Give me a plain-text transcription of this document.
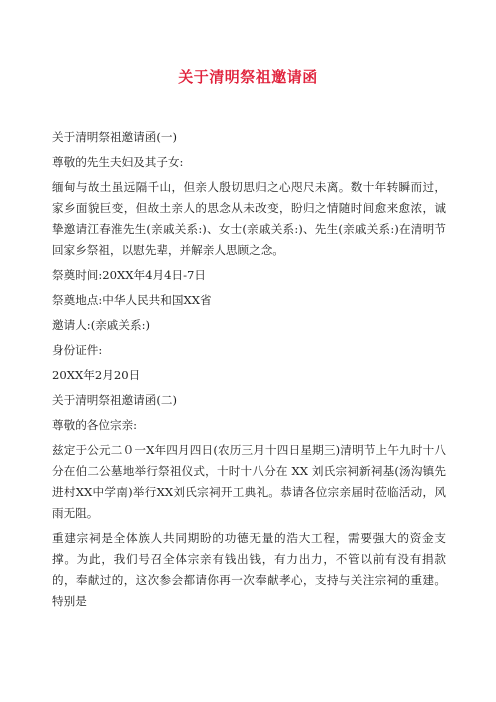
关于清明祭祖邀请函

关于清明祭祖邀请函(一)

尊敬的先生夫妇及其子女:

缅甸与故土虽远隔千山，但亲人殷切思归之心咫尺未离。数十年转瞬而过，家乡面貌巨变，但故土亲人的思念从未改变，盼归之情随时间愈来愈浓，诚挚邀请江春淮先生(亲戚关系:)、女士(亲戚关系:)、先生(亲戚关系:)在清明节回家乡祭祖，以慰先辈，并解亲人思顾之念。

祭奠时间:20XX年4月4日-7日

祭奠地点:中华人民共和国XX省

邀请人:(亲戚关系:)

身份证件:

20XX年2月20日

关于清明祭祖邀请函(二)

尊敬的各位宗亲:

兹定于公元二０一X年四月四日(农历三月十四日星期三)清明节上午九时十八分在伯二公墓地举行祭祖仪式，十时十八分在 XX 刘氏宗祠新祠基(汤沟镇先进村XX中学南)举行XX刘氏宗祠开工典礼。恭请各位宗亲届时莅临活动，风雨无阻。

重建宗祠是全体族人共同期盼的功德无量的浩大工程，需要强大的资金支撑。为此，我们号召全体宗亲有钱出钱，有力出力，不管以前有没有捐款的，奉献过的，这次参会都请你再一次奉献孝心，支持与关注宗祠的重建。特别是
